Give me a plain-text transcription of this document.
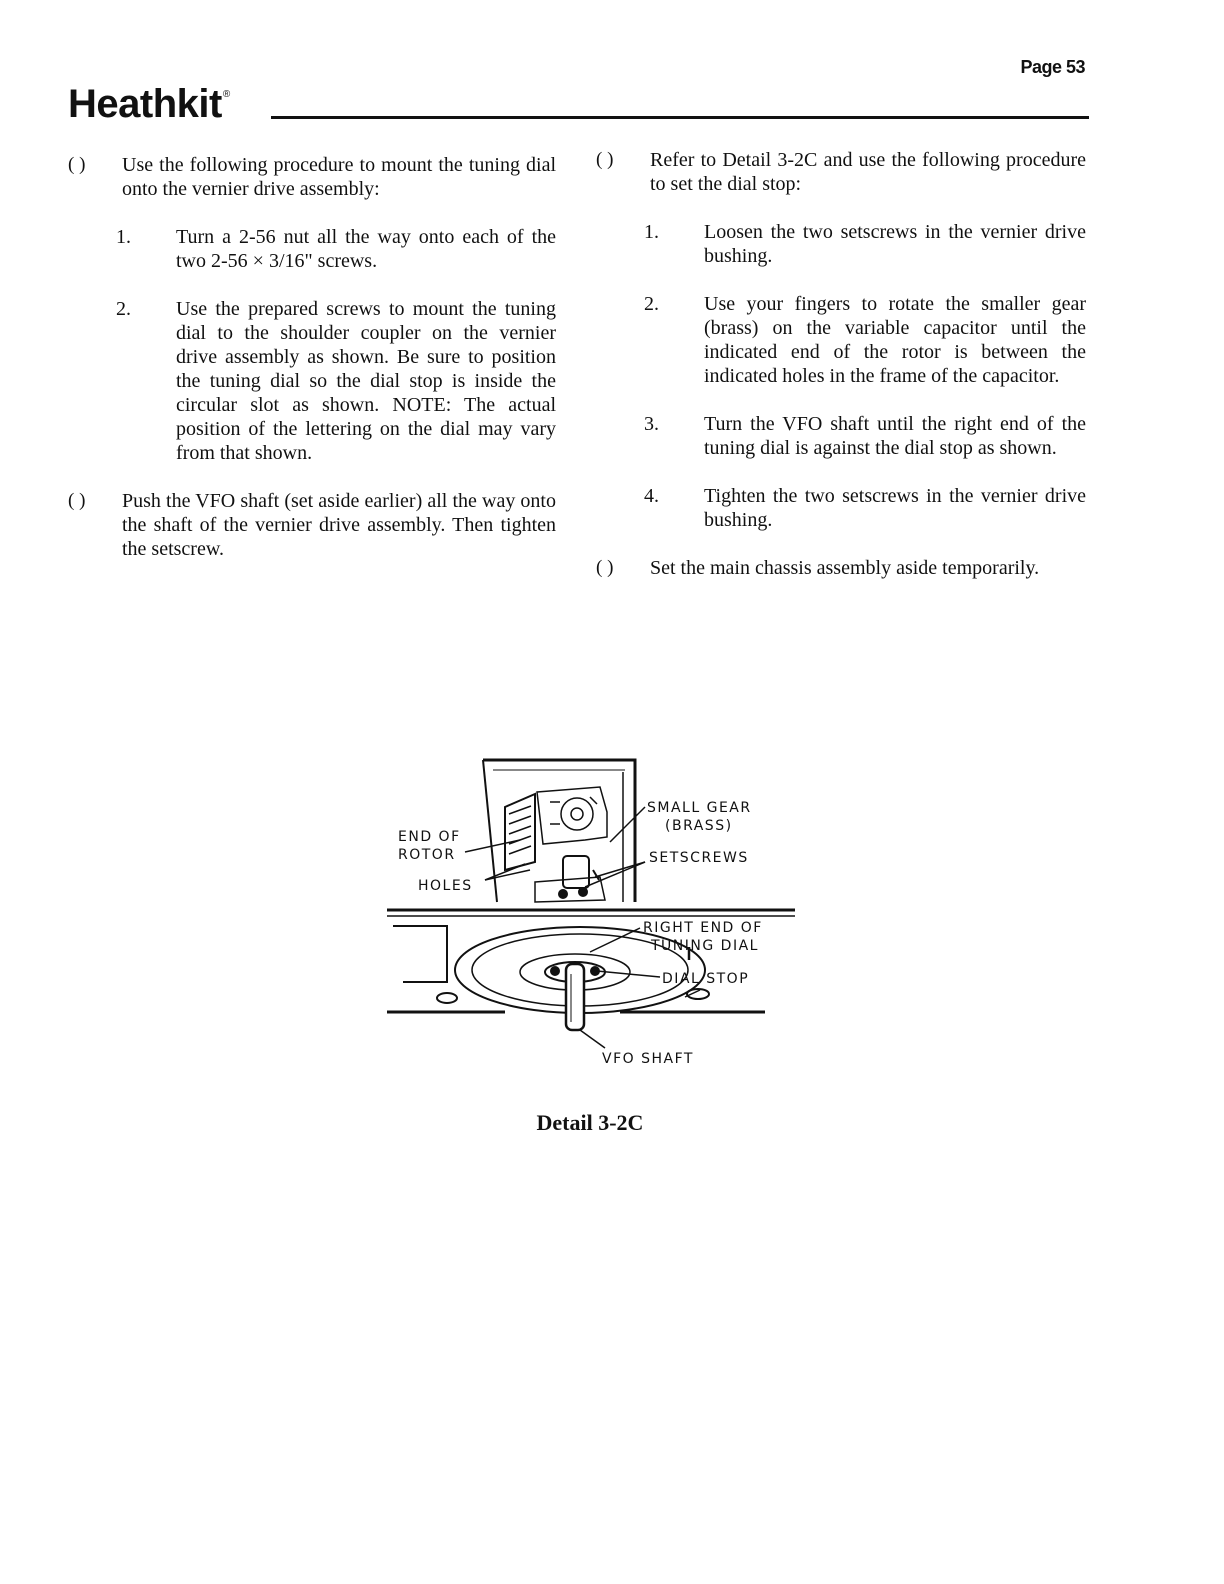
Page 53
Heathkit®
( )	Use the following procedure to mount the tuning dial onto the vernier drive assembly:
1.	Turn a 2-56 nut all the way onto each of the two 2-56 × 3/16" screws.
2.	Use the prepared screws to mount the tuning dial to the shoulder coupler on the vernier drive assembly as shown. Be sure to position the tuning dial so the dial stop is inside the circular slot as shown. NOTE: The actual position of the lettering on the dial may vary from that shown.
( )	Push the VFO shaft (set aside earlier) all the way onto the shaft of the vernier drive assembly. Then tighten the setscrew.
( )	Refer to Detail 3-2C and use the following procedure to set the dial stop:
1.	Loosen the two setscrews in the vernier drive bushing.
2.	Use your fingers to rotate the smaller gear (brass) on the variable capacitor until the indicated end of the rotor is between the indicated holes in the frame of the capacitor.
3.	Turn the VFO shaft until the right end of the tuning dial is against the dial stop as shown.
4.	Tighten the two setscrews in the vernier drive bushing.
( )	Set the main chassis assembly aside temporarily.
SMALL GEAR
(BRASS)
END OF
ROTOR	SETSCREWS
HOLES
RIGHT END OF
TUNING DIAL
DIAL STOP
VFO SHAFT
Detail 3-2C
